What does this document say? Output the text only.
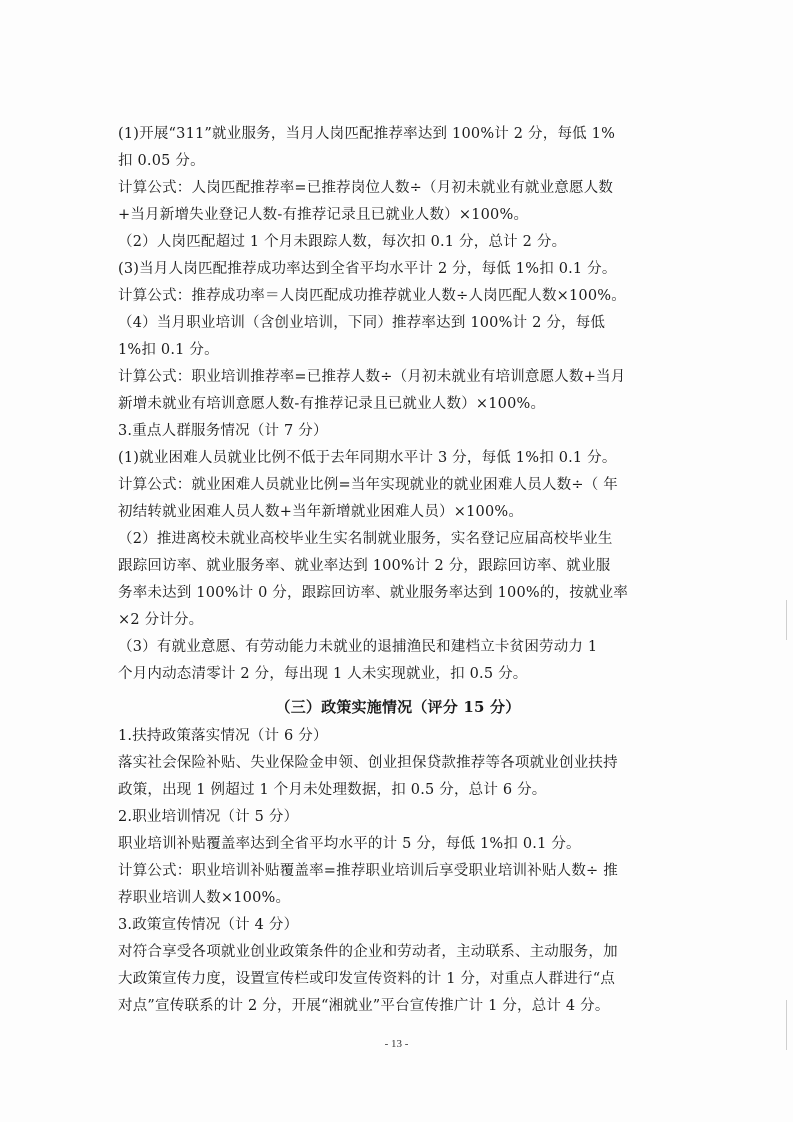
(1)开展“311”就业服务，当月人岗匹配推荐率达到 100%计 2 分，每低 1%

扣 0.05 分。

计算公式：人岗匹配推荐率=已推荐岗位人数÷（月初未就业有就业意愿人数

+当月新增失业登记人数-有推荐记录且已就业人数）×100%。

（2）人岗匹配超过 1 个月未跟踪人数，每次扣 0.1 分，总计 2 分。

(3)当月人岗匹配推荐成功率达到全省平均水平计 2 分，每低 1%扣 0.1 分。

计算公式：推荐成功率＝人岗匹配成功推荐就业人数÷人岗匹配人数×100%。

（4）当月职业培训（含创业培训，下同）推荐率达到 100%计 2 分，每低

1%扣 0.1 分。

计算公式：职业培训推荐率=已推荐人数÷（月初未就业有培训意愿人数+当月

新增未就业有培训意愿人数-有推荐记录且已就业人数）×100%。

3.重点人群服务情况（计 7 分）

(1)就业困难人员就业比例不低于去年同期水平计 3 分，每低 1%扣 0.1 分。

计算公式：就业困难人员就业比例=当年实现就业的就业困难人员人数÷（ 年

初结转就业困难人员人数+当年新增就业困难人员）×100%。

（2）推进离校未就业高校毕业生实名制就业服务，实名登记应届高校毕业生

跟踪回访率、就业服务率、就业率达到 100%计 2 分，跟踪回访率、就业服

务率未达到 100%计 0 分，跟踪回访率、就业服务率达到 100%的，按就业率

×2 分计分。

（3）有就业意愿、有劳动能力未就业的退捕渔民和建档立卡贫困劳动力 1

个月内动态清零计 2 分，每出现 1 人未实现就业，扣 0.5 分。

（三）政策实施情况（评分 15 分）

1.扶持政策落实情况（计 6 分）

落实社会保险补贴、失业保险金申领、创业担保贷款推荐等各项就业创业扶持

政策，出现 1 例超过 1 个月未处理数据，扣 0.5 分，总计 6 分。

2.职业培训情况（计 5 分）

职业培训补贴覆盖率达到全省平均水平的计 5 分，每低 1%扣 0.1 分。

计算公式：职业培训补贴覆盖率=推荐职业培训后享受职业培训补贴人数÷ 推

荐职业培训人数×100%。

3.政策宣传情况（计 4 分）

对符合享受各项就业创业政策条件的企业和劳动者，主动联系、主动服务，加

大政策宣传力度，设置宣传栏或印发宣传资料的计 1 分，对重点人群进行“点

对点”宣传联系的计 2 分，开展“湘就业”平台宣传推广计 1 分，总计 4 分。

- 13 -
